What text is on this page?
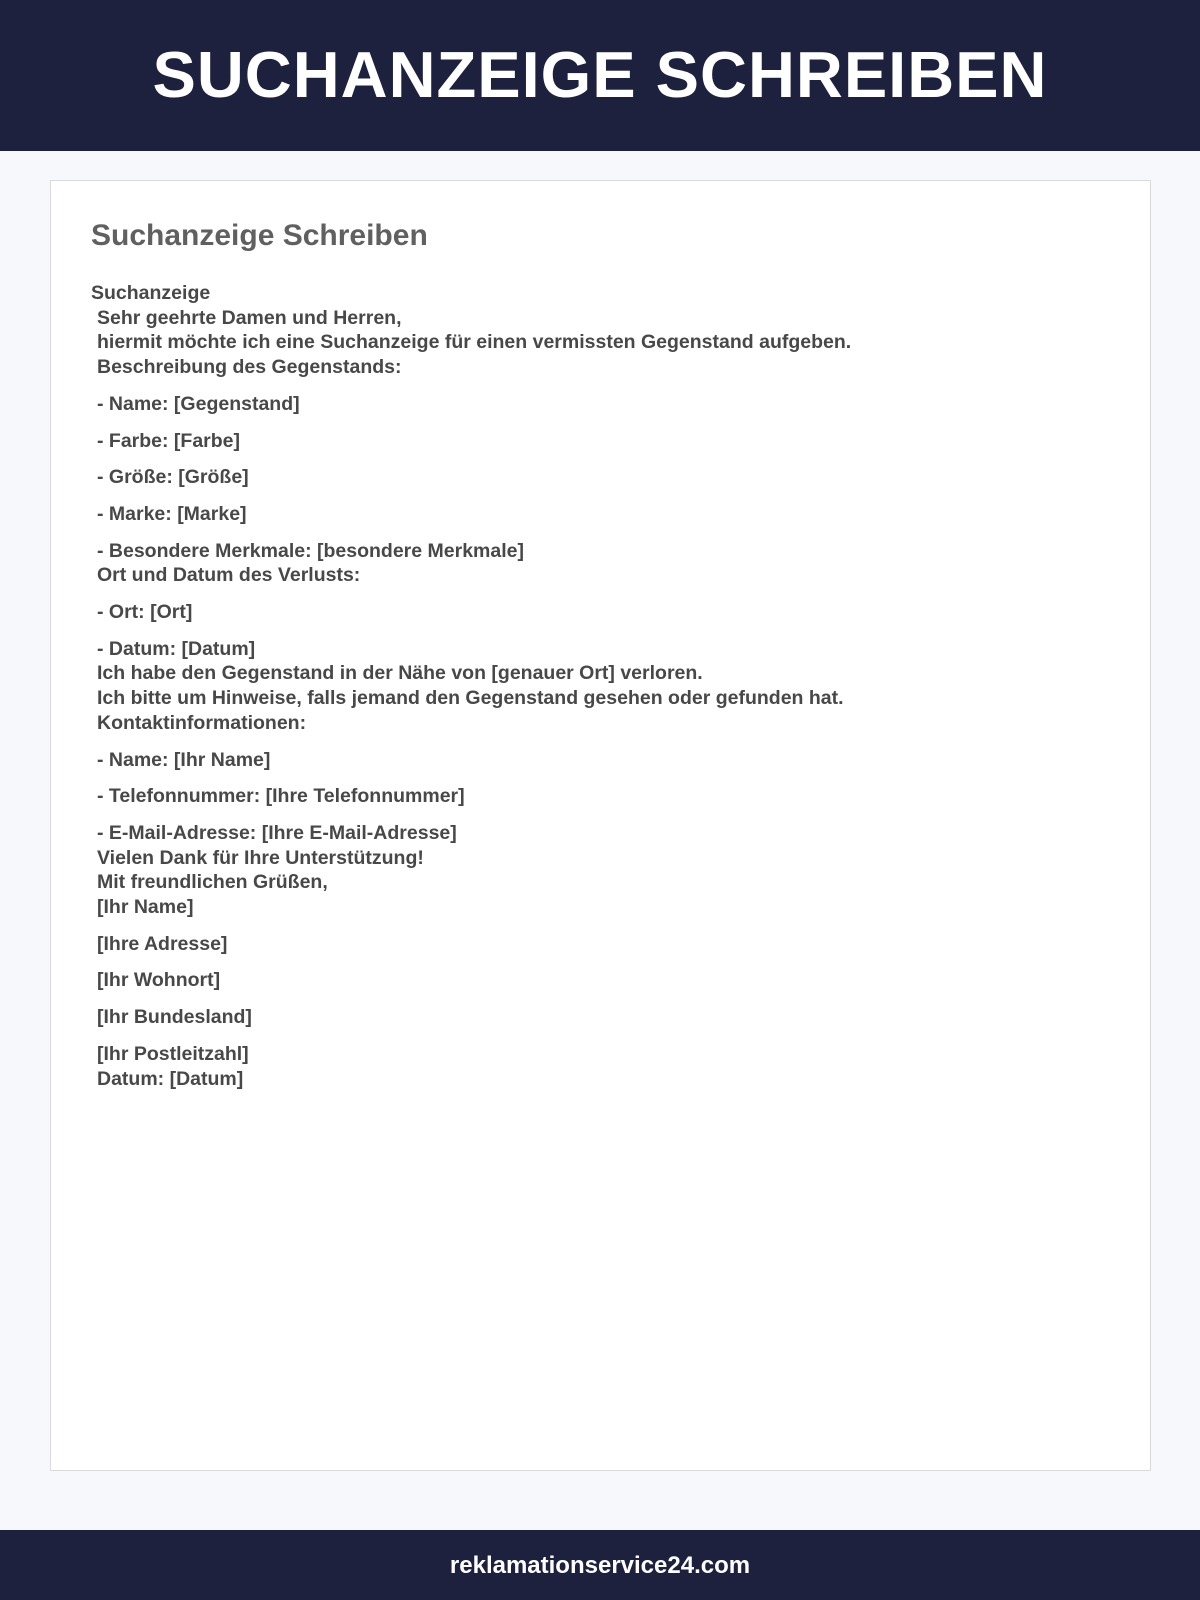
SUCHANZEIGE SCHREIBEN
Suchanzeige Schreiben
Suchanzeige
Sehr geehrte Damen und Herren,
hiermit möchte ich eine Suchanzeige für einen vermissten Gegenstand aufgeben.
Beschreibung des Gegenstands:
- Name: [Gegenstand]
- Farbe: [Farbe]
- Größe: [Größe]
- Marke: [Marke]
- Besondere Merkmale: [besondere Merkmale]
Ort und Datum des Verlusts:
- Ort: [Ort]
- Datum: [Datum]
Ich habe den Gegenstand in der Nähe von [genauer Ort] verloren.
Ich bitte um Hinweise, falls jemand den Gegenstand gesehen oder gefunden hat.
Kontaktinformationen:
- Name: [Ihr Name]
- Telefonnummer: [Ihre Telefonnummer]
- E-Mail-Adresse: [Ihre E-Mail-Adresse]
Vielen Dank für Ihre Unterstützung!
Mit freundlichen Grüßen,
[Ihr Name]
[Ihre Adresse]
[Ihr Wohnort]
[Ihr Bundesland]
[Ihr Postleitzahl]
Datum: [Datum]
reklamationservice24.com
